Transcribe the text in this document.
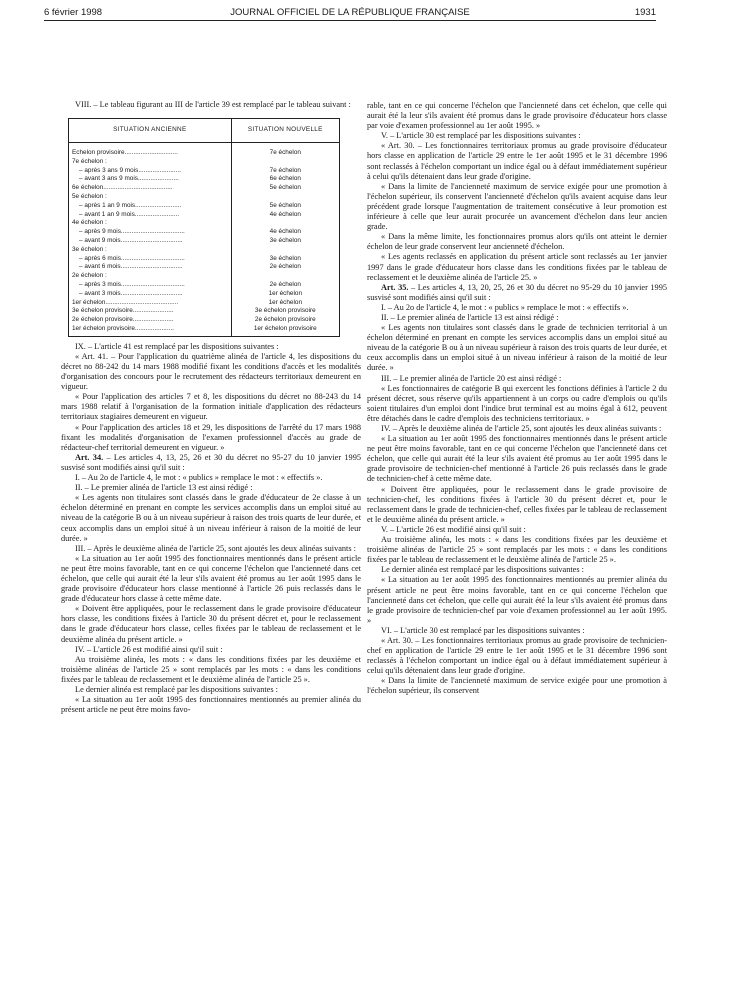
6 février 1998	JOURNAL OFFICIEL DE LA RÉPUBLIQUE FRANÇAISE	1931

VIII. – Le tableau figurant au III de l'article 39 est remplacé par le tableau suivant :

SITUATION ANCIENNE	SITUATION NOUVELLE
Echelon provisoire..............................	7e échelon
7e échelon :	
– après 3 ans 9 mois........................	7e échelon
– avant 3 ans 9 mois.......................	6e échelon
6e échelon.......................................	5e échelon
5e échelon :	
– après 1 an 9 mois..........................	5e échelon
– avant 1 an 9 mois.........................	4e échelon
4e échelon :	
– après 9 mois....................................	4e échelon
– avant 9 mois...................................	3e échelon
3e échelon :	
– après 6 mois....................................	3e échelon
– avant 6 mois...................................	2e échelon
2e échelon :	
– après 3 mois....................................	2e échelon
– avant 3 mois...................................	1er échelon
1er échelon.........................................	1er échelon
3e échelon provisoire.......................	3e échelon provisoire
2e échelon provisoire.......................	2e échelon provisoire
1er échelon provisoire......................	1er échelon provisoire

IX. – L'article 41 est remplacé par les dispositions suivantes :

« Art. 41. – Pour l'application du quatrième alinéa de l'article 4, les dispositions du décret no 88-242 du 14 mars 1988 modifié fixant les conditions d'accès et les modalités d'organisation des concours pour le recrutement des rédacteurs territoriaux demeurent en vigueur.

« Pour l'application des articles 7 et 8, les dispositions du décret no 88-243 du 14 mars 1988 relatif à l'organisation de la formation initiale d'application des rédacteurs territoriaux stagiaires demeurent en vigueur.

« Pour l'application des articles 18 et 29, les dispositions de l'arrêté du 17 mars 1988 fixant les modalités d'organisation de l'examen professionnel d'accès au grade de rédacteur-chef territorial demeurent en vigueur. »

Art. 34. – Les articles 4, 13, 25, 26 et 30 du décret no 95-27 du 10 janvier 1995 susvisé sont modifiés ainsi qu'il suit :

I. – Au 2o de l'article 4, le mot : « publics » remplace le mot : « effectifs ».

II. – Le premier alinéa de l'article 13 est ainsi rédigé :

« Les agents non titulaires sont classés dans le grade d'éducateur de 2e classe à un échelon déterminé en prenant en compte les services accomplis dans un emploi situé au niveau de la catégorie B ou à un niveau supérieur à raison des trois quarts de leur durée, et ceux accomplis dans un emploi situé à un niveau inférieur à raison de la moitié de leur durée. »

III. – Après le deuxième alinéa de l'article 25, sont ajoutés les deux alinéas suivants :

« La situation au 1er août 1995 des fonctionnaires mentionnés dans le présent article ne peut être moins favorable, tant en ce qui concerne l'échelon que l'ancienneté dans cet échelon, que celle qui aurait été la leur s'ils avaient été promus au 1er août 1995 dans le grade provisoire d'éducateur hors classe mentionné à l'article 26 puis reclassés dans le grade d'éducateur hors classe à cette même date.

« Doivent être appliquées, pour le reclassement dans le grade provisoire d'éducateur hors classe, les conditions fixées à l'article 30 du présent décret et, pour le reclassement dans le grade d'éducateur hors classe, celles fixées par le tableau de reclassement et le deuxième alinéa du présent article. »

IV. – L'article 26 est modifié ainsi qu'il suit :

Au troisième alinéa, les mots : « dans les conditions fixées par les deuxième et troisième alinéas de l'article 25 » sont remplacés par les mots : « dans les conditions fixées par le tableau de reclassement et le deuxième alinéa de l'article 25 ».

Le dernier alinéa est remplacé par les dispositions suivantes :

« La situation au 1er août 1995 des fonctionnaires mentionnés au premier alinéa du présent article ne peut être moins favo-

rable, tant en ce qui concerne l'échelon que l'ancienneté dans cet échelon, que celle qui aurait été la leur s'ils avaient été promus dans le grade provisoire d'éducateur hors classe par voie d'examen professionnel au 1er août 1995. »

V. – L'article 30 est remplacé par les dispositions suivantes :

« Art. 30. – Les fonctionnaires territoriaux promus au grade provisoire d'éducateur hors classe en application de l'article 29 entre le 1er août 1995 et le 31 décembre 1996 sont reclassés à l'échelon comportant un indice égal ou à défaut immédiatement supérieur à celui qu'ils détenaient dans leur grade d'origine.

« Dans la limite de l'ancienneté maximum de service exigée pour une promotion à l'échelon supérieur, ils conservent l'ancienneté d'échelon qu'ils avaient acquise dans leur précédent grade lorsque l'augmentation de traitement consécutive à leur promotion est inférieure à celle que leur aurait procurée un avancement d'échelon dans leur ancien grade.

« Dans la même limite, les fonctionnaires promus alors qu'ils ont atteint le dernier échelon de leur grade conservent leur ancienneté d'échelon.

« Les agents reclassés en application du présent article sont reclassés au 1er janvier 1997 dans le grade d'éducateur hors classe dans les conditions fixées par le tableau de reclassement et le deuxième alinéa de l'article 25. »

Art. 35. – Les articles 4, 13, 20, 25, 26 et 30 du décret no 95-29 du 10 janvier 1995 susvisé sont modifiés ainsi qu'il suit :

I. – Au 2o de l'article 4, le mot : « publics » remplace le mot : « effectifs ».

II. – Le premier alinéa de l'article 13 est ainsi rédigé :

« Les agents non titulaires sont classés dans le grade de technicien territorial à un échelon déterminé en prenant en compte les services accomplis dans un emploi situé au niveau de la catégorie B ou à un niveau supérieur à raison des trois quarts de leur durée, et ceux accomplis dans un emploi situé à un niveau inférieur à raison de la moitié de leur durée. »

III. – Le premier alinéa de l'article 20 est ainsi rédigé :

« Les fonctionnaires de catégorie B qui exercent les fonctions définies à l'article 2 du présent décret, sous réserve qu'ils appartiennent à un corps ou cadre d'emplois ou qu'ils soient titulaires d'un emploi dont l'indice brut terminal est au moins égal à 612, peuvent être détachés dans le cadre d'emplois des techniciens territoriaux. »

IV. – Après le deuxième alinéa de l'article 25, sont ajoutés les deux alinéas suivants :

« La situation au 1er août 1995 des fonctionnaires mentionnés dans le présent article ne peut être moins favorable, tant en ce qui concerne l'échelon que l'ancienneté dans cet échelon, que celle qui aurait été la leur s'ils avaient été promus au 1er août 1995 dans le grade provisoire de technicien-chef mentionné à l'article 26 puis reclassés dans le grade de technicien-chef à cette même date.

« Doivent être appliquées, pour le reclassement dans le grade provisoire de technicien-chef, les conditions fixées à l'article 30 du présent décret et, pour le reclassement dans le grade de technicien-chef, celles fixées par le tableau de reclassement et le deuxième alinéa du présent article. »

V. – L'article 26 est modifié ainsi qu'il suit :

Au troisième alinéa, les mots : « dans les conditions fixées par les deuxième et troisième alinéas de l'article 25 » sont remplacés par les mots : « dans les conditions fixées par le tableau de reclassement et le deuxième alinéa de l'article 25 ».

Le dernier alinéa est remplacé par les dispositions suivantes :

« La situation au 1er août 1995 des fonctionnaires mentionnés au premier alinéa du présent article ne peut être moins favorable, tant en ce qui concerne l'échelon que l'ancienneté dans cet échelon, que celle qui aurait été la leur s'ils avaient été promus dans le grade provisoire de technicien-chef par voie d'examen professionnel au 1er août 1995. »

VI. – L'article 30 est remplacé par les dispositions suivantes :

« Art. 30. – Les fonctionnaires territoriaux promus au grade provisoire de technicien-chef en application de l'article 29 entre le 1er août 1995 et le 31 décembre 1996 sont reclassés à l'échelon comportant un indice égal ou à défaut immédiatement supérieur à celui qu'ils détenaient dans leur grade d'origine.

« Dans la limite de l'ancienneté maximum de service exigée pour une promotion à l'échelon supérieur, ils conservent
